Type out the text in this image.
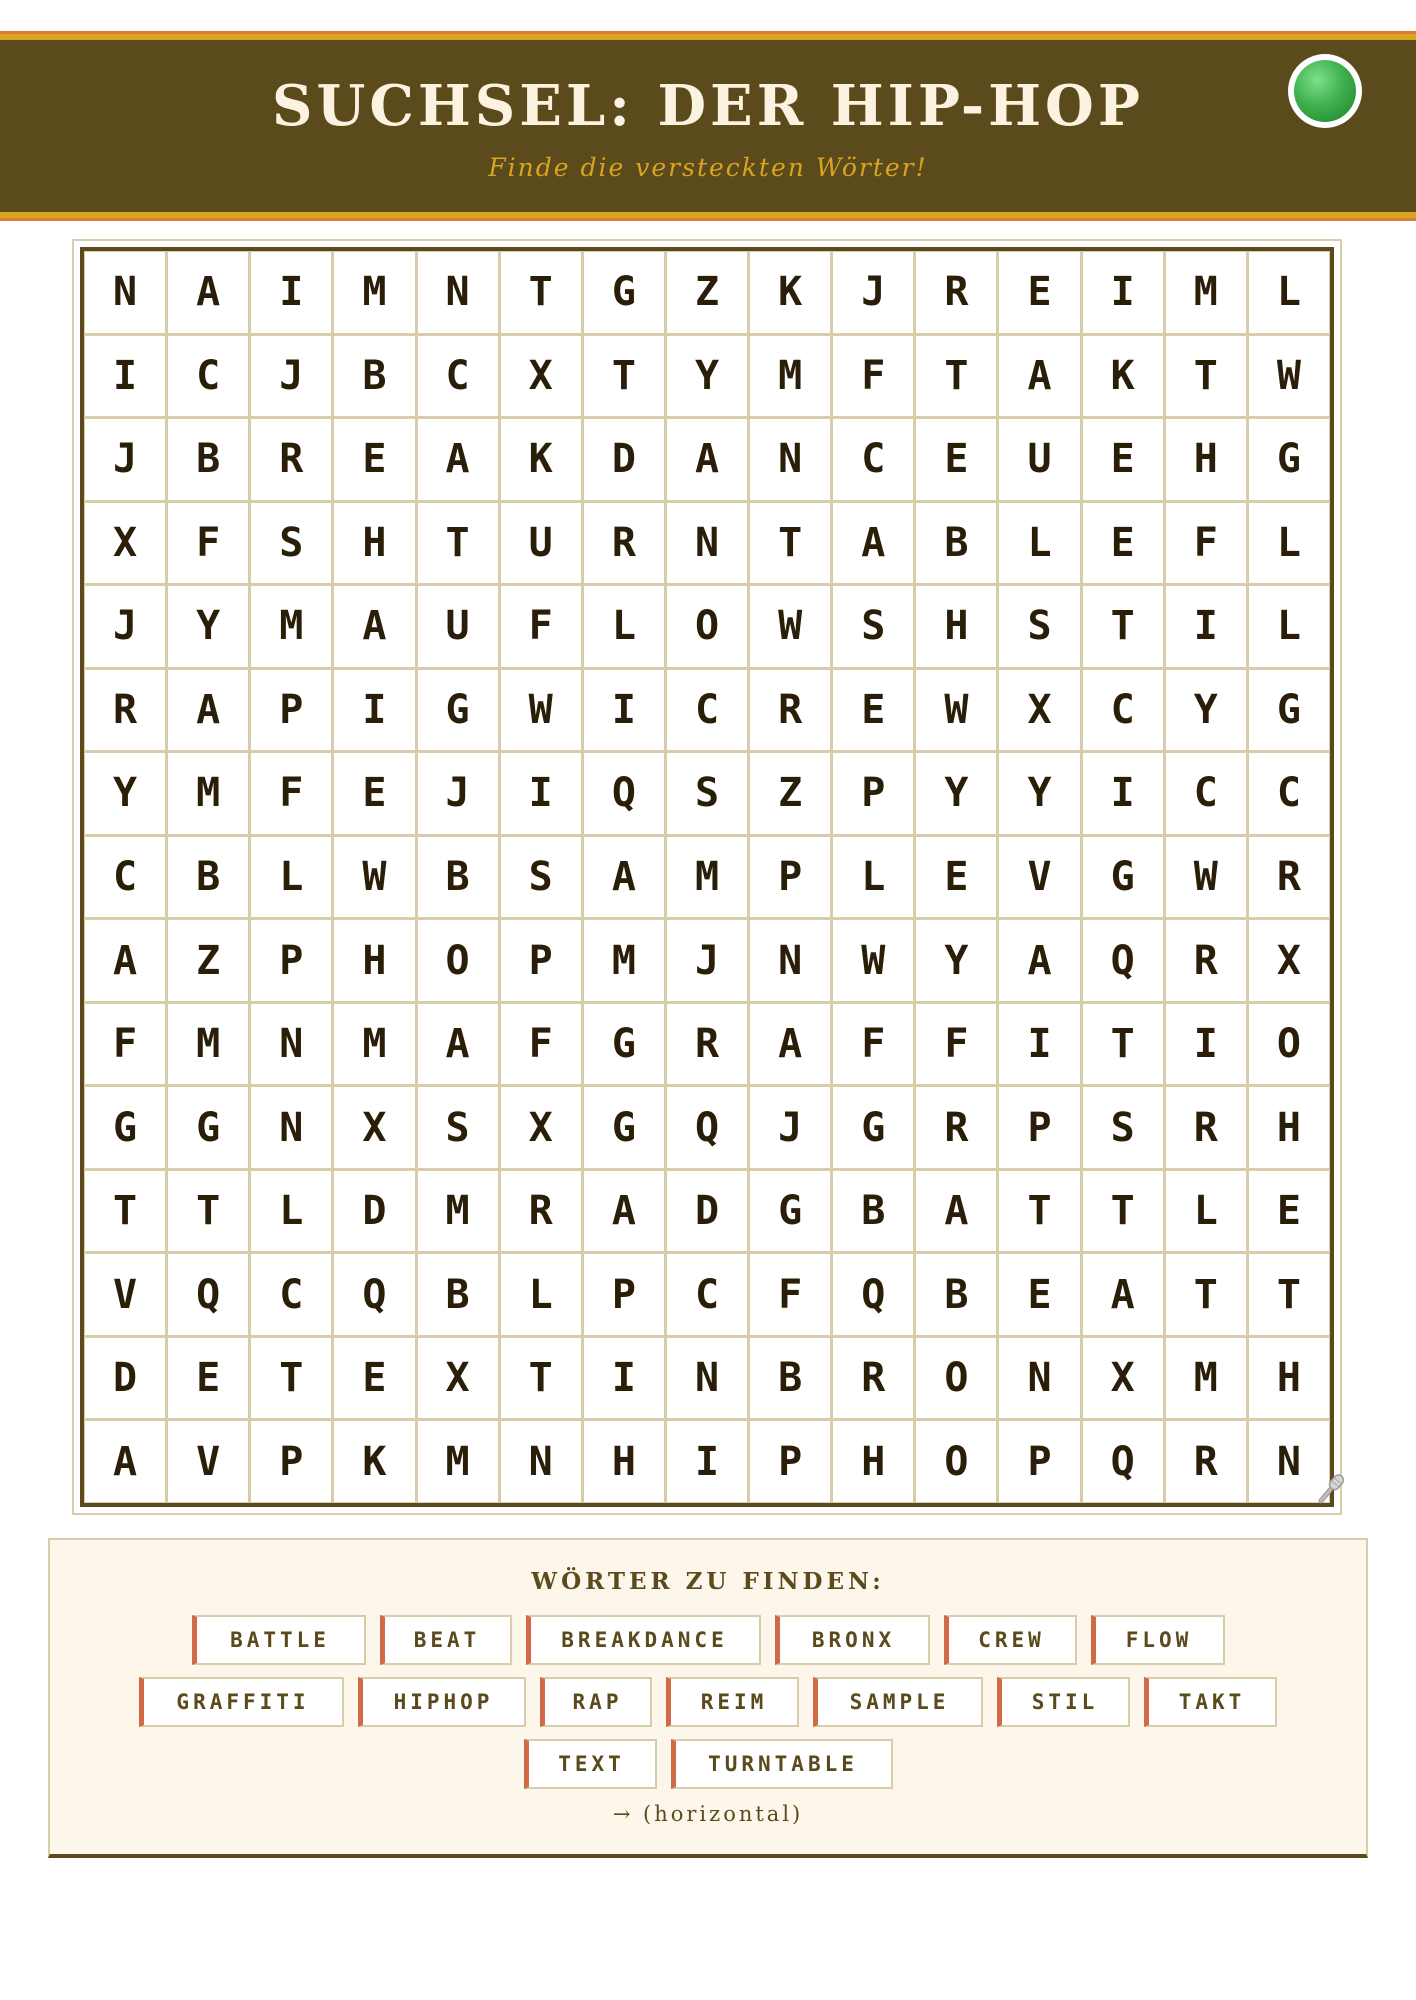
SUCHSEL: DER HIP-HOP
Finde die versteckten Wörter!
N	A	I	M	N	T	G	Z	K	J	R	E	I	M	L
I	C	J	B	C	X	T	Y	M	F	T	A	K	T	W
J	B	R	E	A	K	D	A	N	C	E	U	E	H	G
X	F	S	H	T	U	R	N	T	A	B	L	E	F	L
J	Y	M	A	U	F	L	O	W	S	H	S	T	I	L
R	A	P	I	G	W	I	C	R	E	W	X	C	Y	G
Y	M	F	E	J	I	Q	S	Z	P	Y	Y	I	C	C
C	B	L	W	B	S	A	M	P	L	E	V	G	W	R
A	Z	P	H	O	P	M	J	N	W	Y	A	Q	R	X
F	M	N	M	A	F	G	R	A	F	F	I	T	I	O
G	G	N	X	S	X	G	Q	J	G	R	P	S	R	H
T	T	L	D	M	R	A	D	G	B	A	T	T	L	E
V	Q	C	Q	B	L	P	C	F	Q	B	E	A	T	T
D	E	T	E	X	T	I	N	B	R	O	N	X	M	H
A	V	P	K	M	N	H	I	P	H	O	P	Q	R	N
WÖRTER ZU FINDEN:
BATTLE	BEAT	BREAKDANCE	BRONX	CREW	FLOW
GRAFFITI	HIPHOP	RAP	REIM	SAMPLE	STIL	TAKT
TEXT	TURNTABLE
→ (horizontal)
